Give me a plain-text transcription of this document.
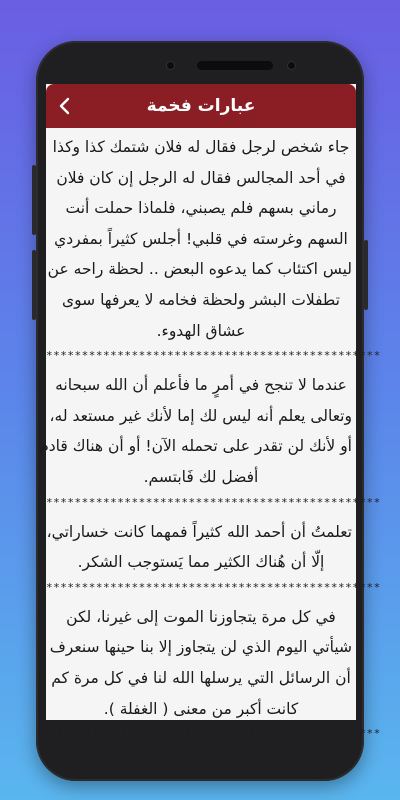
عبارات فخمة
جاء شخص لرجل فقال له فلان شتمك كذا وكذا
في أحد المجالس فقال له الرجل إن كان فلان
رماني بسهم فلم يصبني، فلماذا حملت أنت
السهم وغرسته في قلبي! أجلس كثيراً بمفردي
ليس اكتئاب كما يدعوه البعض .. لحظة راحه عن
تطفلات البشر ولحظة فخامه لا يعرفها سوى
عشاق الهدوء.
***********************************************
عندما لا تنجح في أمرٍ ما فأعلم أن الله سبحانه
وتعالى يعلم أنه ليس لك إما لأنك غير مستعد له،
أو لأنك لن تقدر على تحمله الآن! أو أن هناك قادم
أفضل لك فَابتسم.
***********************************************
تعلمتُ أن أحمد الله كثيراً فمهما كانت خساراتي،
إلّا أن هُناك الكثير مما يَستوجب الشكر.
***********************************************
في كل مرة يتجاوزنا الموت إلى غيرنا، لكن
شيأتي اليوم الذي لن يتجاوز إلا بنا حينها سنعرف
أن الرسائل التي يرسلها الله لنا في كل مرة كم
كانت أكبر من معنى ( الغفلة ).
***********************************************
